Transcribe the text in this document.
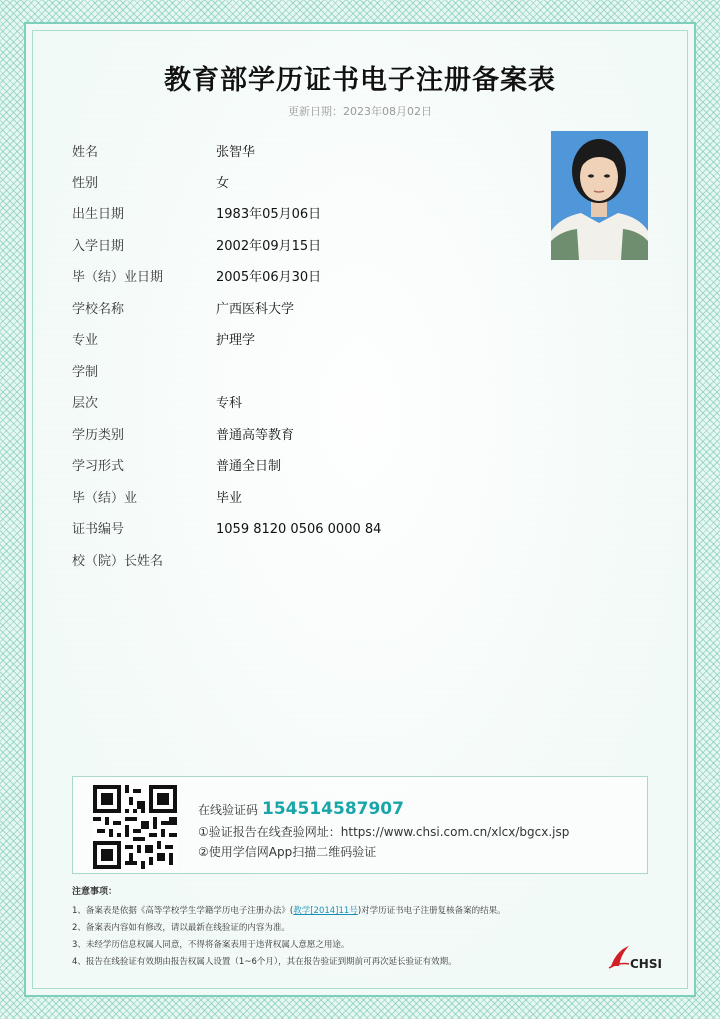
教育部学历证书电子注册备案表
更新日期：2023年08月02日
姓名	张智华
性别	女
出生日期	1983年05月06日
入学日期	2002年09月15日
毕（结）业日期	2005年06月30日
学校名称	广西医科大学
专业	护理学
学制
层次	专科
学历类别	普通高等教育
学习形式	普通全日制
毕（结）业	毕业
证书编号	1059 8120 0506 0000 84
校（院）长姓名
在线验证码 154514587907
①验证报告在线查验网址：https://www.chsi.com.cn/xlcx/bgcx.jsp
②使用学信网App扫描二维码验证
注意事项：
1、备案表是依据《高等学校学生学籍学历电子注册办法》(教学[2014]11号)对学历证书电子注册复核备案的结果。
2、备案表内容如有修改，请以最新在线验证的内容为准。
3、未经学历信息权属人同意，不得将备案表用于违背权属人意愿之用途。
4、报告在线验证有效期由报告权属人设置（1~6个月），其在报告验证到期前可再次延长验证有效期。	CHSI
